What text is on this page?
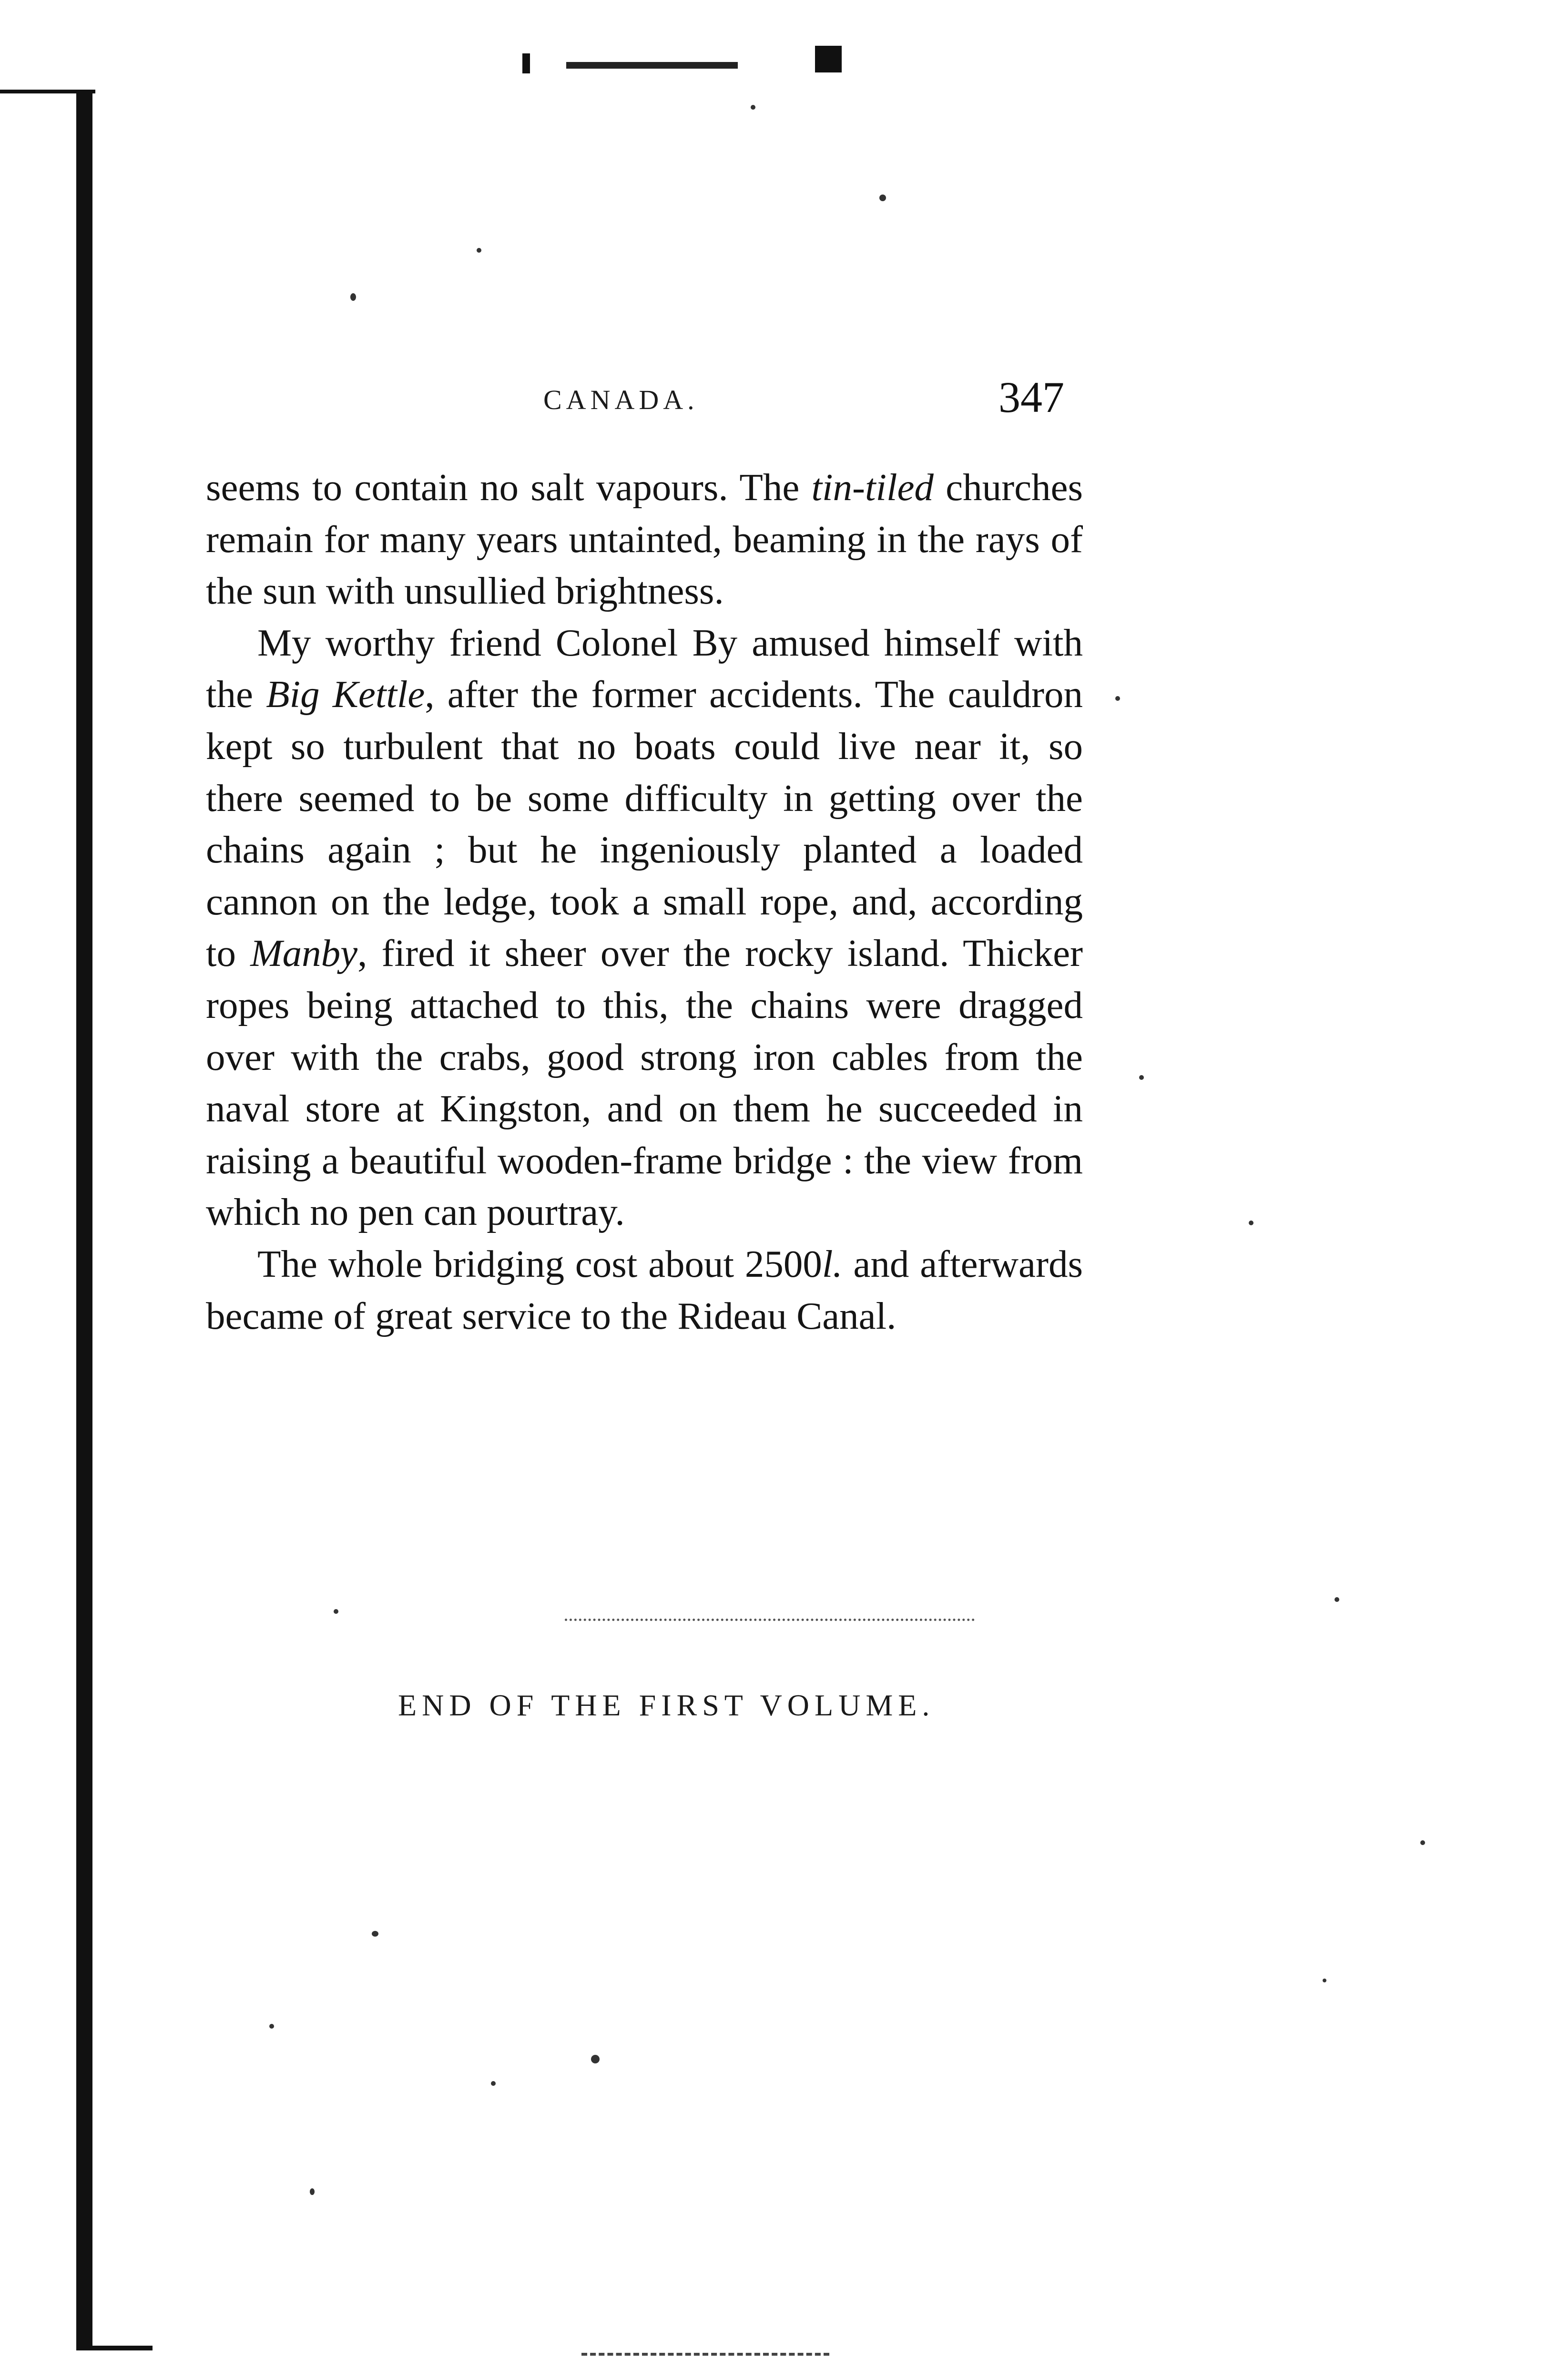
CANADA.	347

seems to contain no salt vapours. The tin-tiled churches remain for many years untainted, beaming in the rays of the sun with unsullied brightness.

My worthy friend Colonel By amused himself with the Big Kettle, after the former accidents. The cauldron kept so turbulent that no boats could live near it, so there seemed to be some difficulty in getting over the chains again ; but he ingeniously planted a loaded cannon on the ledge, took a small rope, and, according to Manby, fired it sheer over the rocky island. Thicker ropes being attached to this, the chains were dragged over with the crabs, good strong iron cables from the naval store at Kingston, and on them he succeeded in raising a beautiful wooden-frame bridge : the view from which no pen can pourtray.

The whole bridging cost about 2500l. and afterwards became of great service to the Rideau Canal.

END OF THE FIRST VOLUME.
